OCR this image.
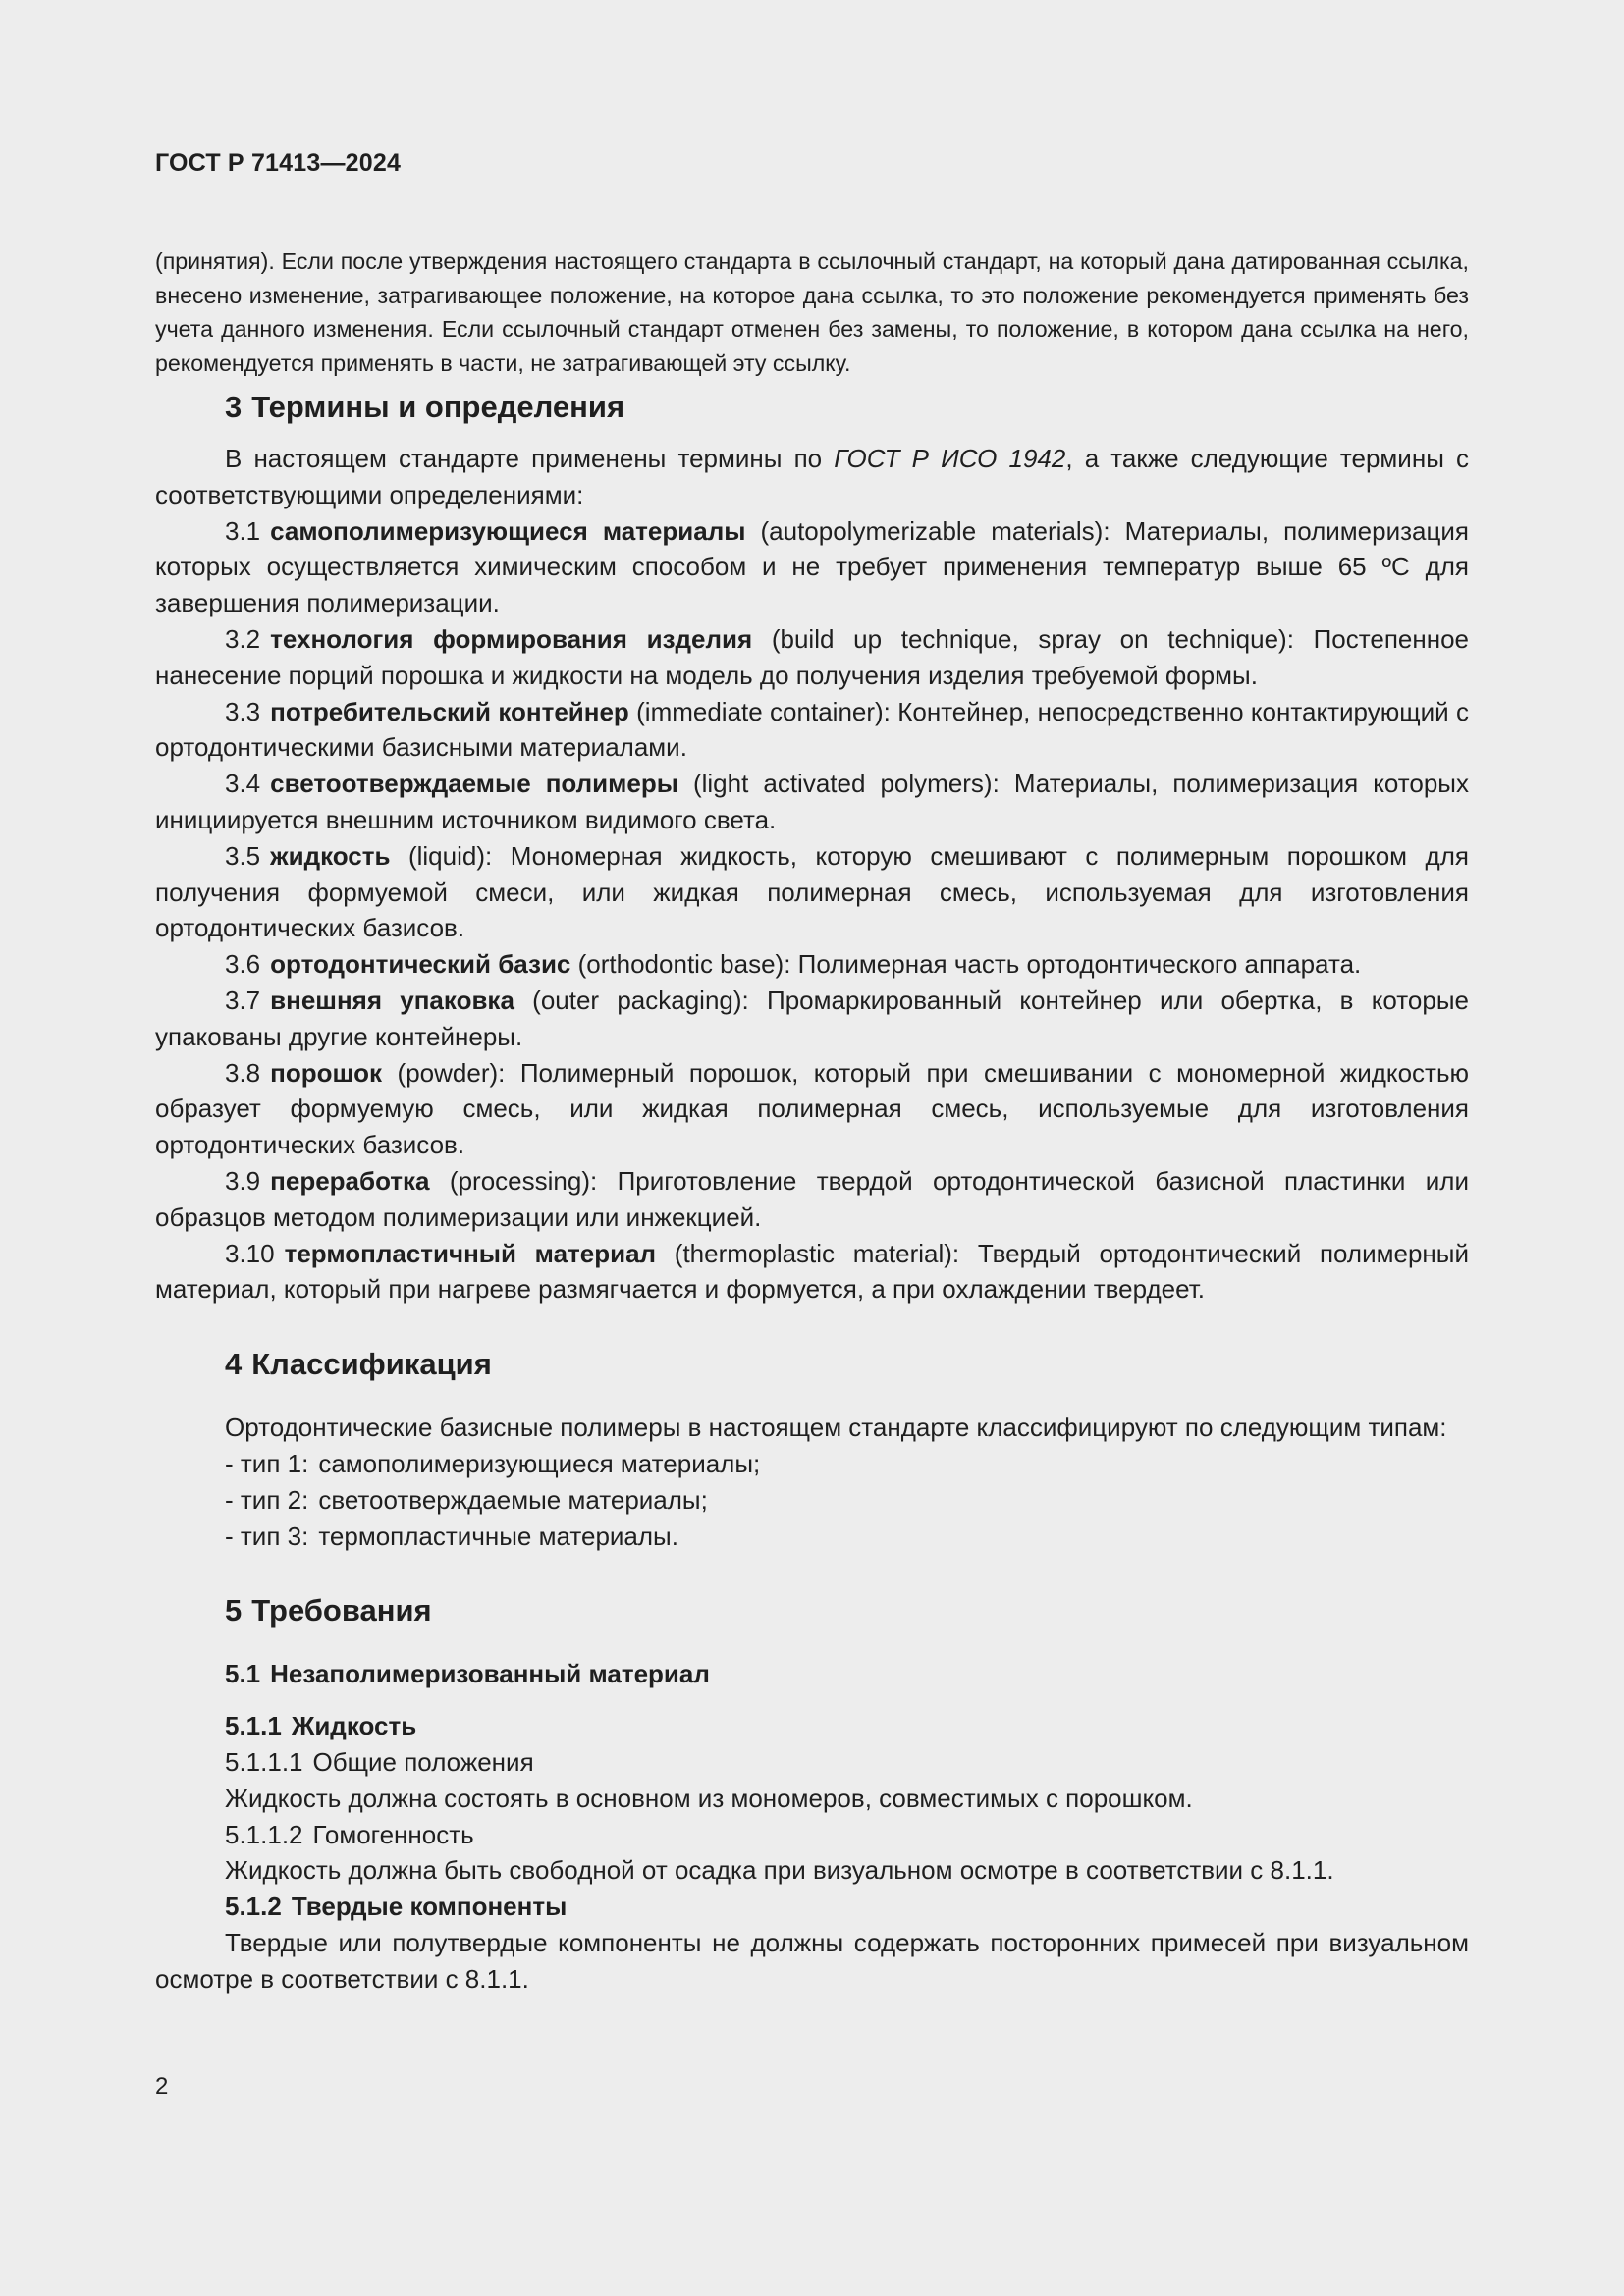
ГОСТ Р 71413—2024

(принятия). Если после утверждения настоящего стандарта в ссылочный стандарт, на который дана датированная ссылка, внесено изменение, затрагивающее положение, на которое дана ссылка, то это положение рекомендуется применять без учета данного изменения. Если ссылочный стандарт отменен без замены, то положение, в котором дана ссылка на него, рекомендуется применять в части, не затрагивающей эту ссылку.

3 Термины и определения

В настоящем стандарте применены термины по ГОСТ Р ИСО 1942, а также следующие термины с соответствующими определениями:

3.1 самополимеризующиеся материалы (autopolymerizable materials): Материалы, полимеризация которых осуществляется химическим способом и не требует применения температур выше 65 ºC для завершения полимеризации.

3.2 технология формирования изделия (build up technique, spray on technique): Постепенное нанесение порций порошка и жидкости на модель до получения изделия требуемой формы.

3.3 потребительский контейнер (immediate container): Контейнер, непосредственно контактирующий с ортодонтическими базисными материалами.

3.4 светоотверждаемые полимеры (light activated polymers): Материалы, полимеризация которых инициируется внешним источником видимого света.

3.5 жидкость (liquid): Мономерная жидкость, которую смешивают с полимерным порошком для получения формуемой смеси, или жидкая полимерная смесь, используемая для изготовления ортодонтических базисов.

3.6 ортодонтический базис (orthodontic base): Полимерная часть ортодонтического аппарата.

3.7 внешняя упаковка (outer packaging): Промаркированный контейнер или обертка, в которые упакованы другие контейнеры.

3.8 порошок (powder): Полимерный порошок, который при смешивании с мономерной жидкостью образует формуемую смесь, или жидкая полимерная смесь, используемые для изготовления ортодонтических базисов.

3.9 переработка (processing): Приготовление твердой ортодонтической базисной пластинки или образцов методом полимеризации или инжекцией.

3.10 термопластичный материал (thermoplastic material): Твердый ортодонтический полимерный материал, который при нагреве размягчается и формуется, а при охлаждении твердеет.

4 Классификация

Ортодонтические базисные полимеры в настоящем стандарте классифицируют по следующим типам:

- тип 1: самополимеризующиеся материалы;

- тип 2: светоотверждаемые материалы;

- тип 3: термопластичные материалы.

5 Требования

5.1 Незаполимеризованный материал

5.1.1 Жидкость

5.1.1.1 Общие положения

Жидкость должна состоять в основном из мономеров, совместимых с порошком.

5.1.1.2 Гомогенность

Жидкость должна быть свободной от осадка при визуальном осмотре в соответствии с 8.1.1.

5.1.2 Твердые компоненты

Твердые или полутвердые компоненты не должны содержать посторонних примесей при визуальном осмотре в соответствии с 8.1.1.

2
